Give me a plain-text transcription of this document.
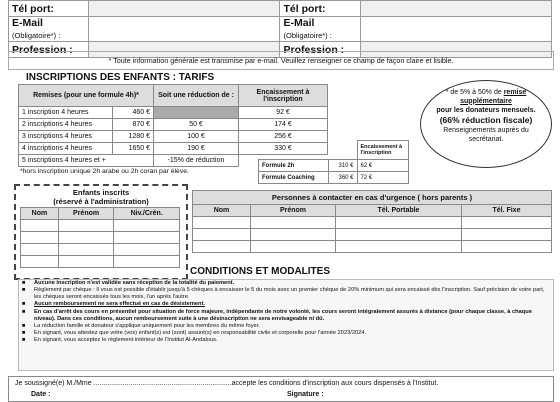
Tél port:		Tél port:	
E-Mail (Obligatoire*) :		E-Mail (Obligatoire*) :	
Profession :		Profession :	
* Toute information générale est transmise par e-mail. Veuillez renseigner ce champ de façon claire et lisible.
INSCRIPTIONS DES ENFANTS : TARIFS
Remises (pour une formule 4h)*		Soit une réduction de :	Encaissement à l'inscription
1 inscription 4 heures	460 €		92 €
2 inscriptions 4 heures	870 €	50 €	174 €
3 inscriptions 4 heures	1280 €	100 €	256 €
4 inscriptions 4 heures	1650 €	190 €	330 €
5 inscriptions 4 heures et +		-15% de réduction	
*hors inscription unique 2h arabe ou 2h coran par élève.
		Encaissement à l'inscription
Formule 2h	310 €	62 €
Formule Coaching	360 €	72 €
* de 5% à 50% de remise supplémentaire
pour les donateurs mensuels.
(66% réduction fiscale)
Renseignements auprès du secrétariat.
Enfants inscrits
(réservé à l'administration)
Nom	Prénom	Niv./Crén.

Personnes à contacter en cas d'urgence ( hors parents )			
Nom	Prénom	Tél. Portable	Tél. Fixe

CONDITIONS ET MODALITES
■	Aucune inscription n'est validée sans réception de la totalité du paiement.
■	Règlement par chèque : Il vous est possible d'établir jusqu'à 5 chèques à encaisser le 5 du mois avec un premier chèque de 20% minimum qui sera encaissé dès l'inscription. Sauf précision de votre part, les chèques seront encaissés tous les mois, l'un après l'autre.
■	Aucun remboursement ne sera effectué en cas de désistement.
■	En cas d'arrêt des cours en présentiel pour situation de force majeure, indépendante de notre volonté, les cours seront intégralement assurés à distance (pour chaque classe, à chaque niveau). Dans ces conditions, aucun remboursement suite à une désinscription ne sera envisageable ni dû.
■	La réduction famille et donateur s'applique uniquement pour les membres du même foyer.
■	En signant, vous attestez que votre (vos) enfant(s) est (sont) assuré(s) en responsabilité civile et corporelle pour l'année 2023/2024.
■	En signant, vous acceptez le règlement intérieur de l'Institut Al-Andalous.
Je soussigné(e) M./Mme .......................................................................accepte les conditions d'inscription aux cours dispensés à l'Institut.
Date :	Signature :
